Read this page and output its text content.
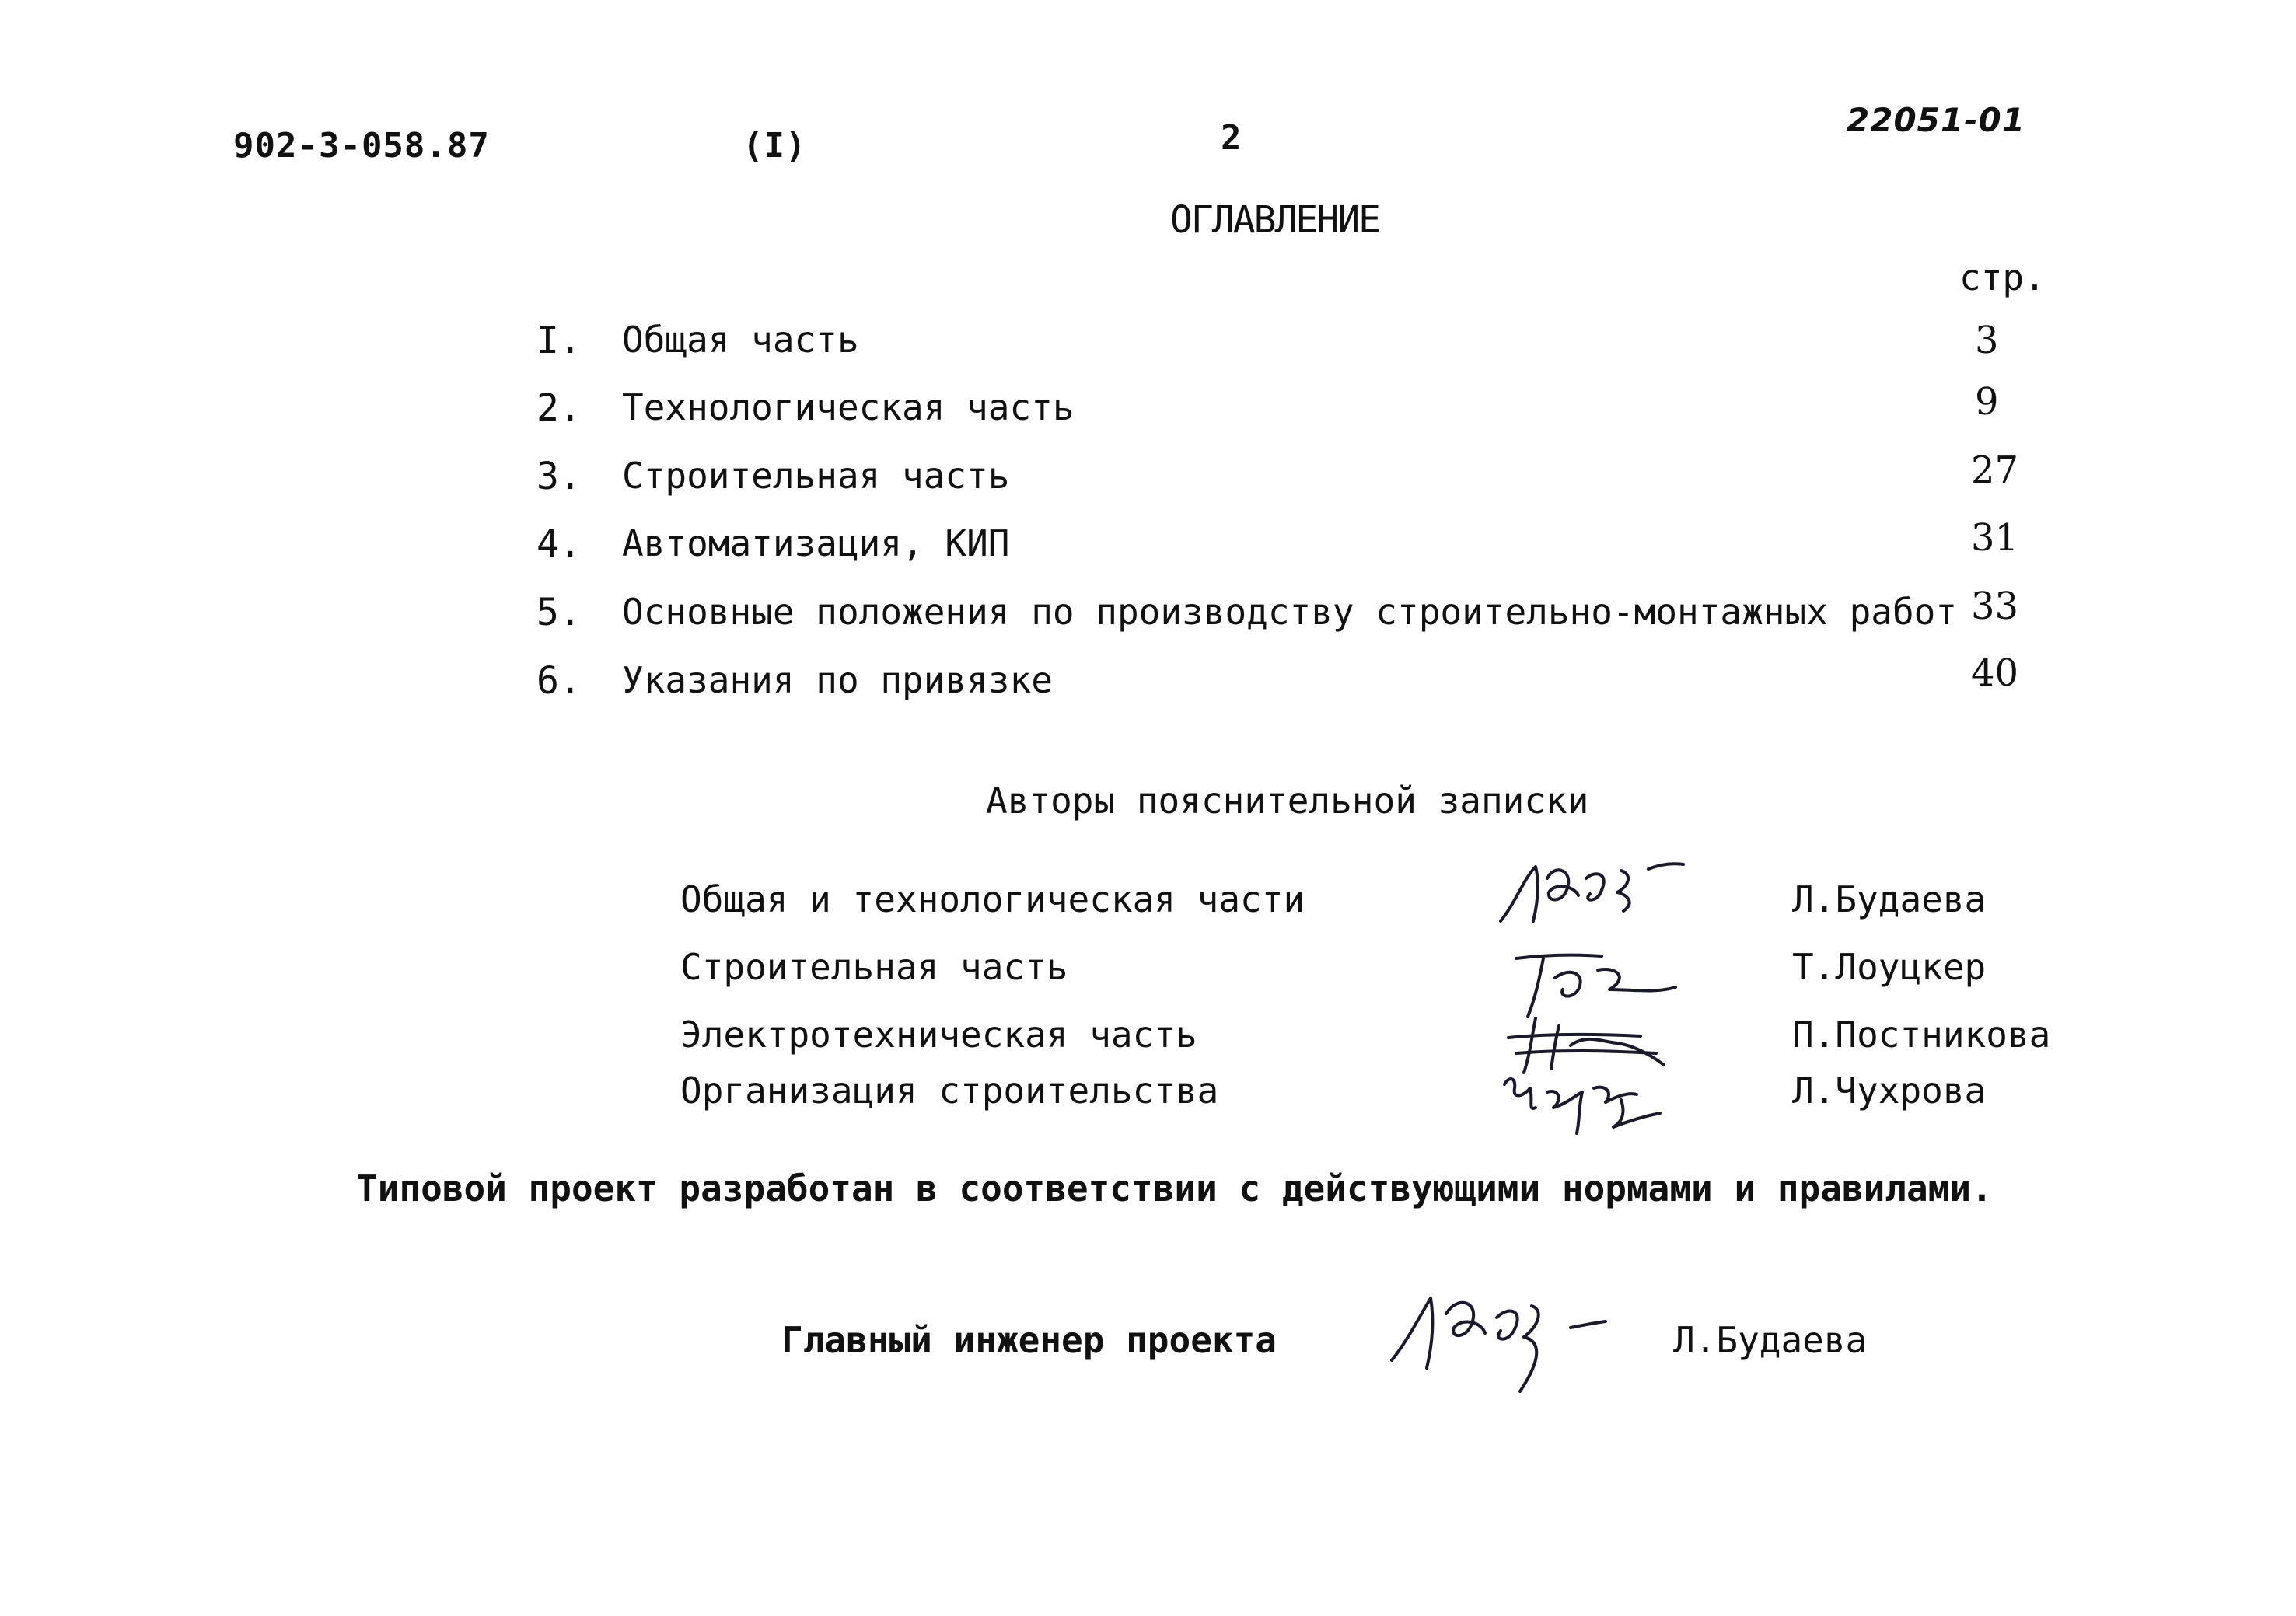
902-3-058.87	(I)	2	22051-01
ОГЛАВЛЕНИЕ
стр.
I. Общая часть	3
2. Технологическая часть	9
3. Строительная часть	27
4. Автоматизация, КИП	31
5. Основные положения по производству строительно-монтажных работ 33
6. Указания по привязке	40
Авторы пояснительной записки
Общая и технологическая части	Л.Будаева
Строительная часть	Т.Лоуцкер
Электротехническая часть	П.Постникова
Организация строительства	Л.Чухрова
Типовой проект разработан в соответствии с действующими нормами и правилами.
Главный инженер проекта	Л.Будаева
